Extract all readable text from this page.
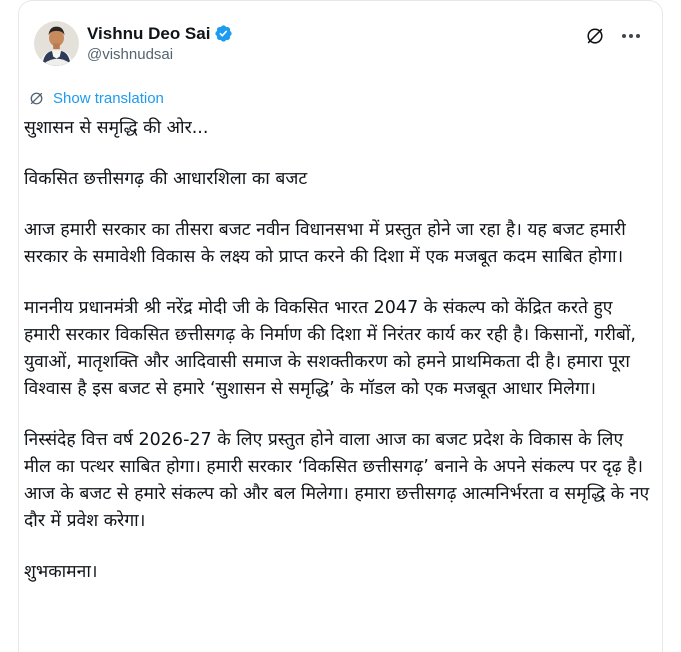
Vishnu Deo Sai
@vishnudsai
Show translation

सुशासन से समृद्धि की ओर...

विकसित छत्तीसगढ़ की आधारशिला का बजट

आज हमारी सरकार का तीसरा बजट नवीन विधानसभा में प्रस्तुत होने जा रहा है। यह बजट हमारी सरकार के समावेशी विकास के लक्ष्य को प्राप्त करने की दिशा में एक मजबूत कदम साबित होगा।

माननीय प्रधानमंत्री श्री नरेंद्र मोदी जी के विकसित भारत 2047 के संकल्प को केंद्रित करते हुए हमारी सरकार विकसित छत्तीसगढ़ के निर्माण की दिशा में निरंतर कार्य कर रही है। किसानों, गरीबों, युवाओं, मातृशक्ति और आदिवासी समाज के सशक्तीकरण को हमने प्राथमिकता दी है। हमारा पूरा विश्वास है इस बजट से हमारे ‘सुशासन से समृद्धि’ के मॉडल को एक मजबूत आधार मिलेगा।

निस्संदेह वित्त वर्ष 2026-27 के लिए प्रस्तुत होने वाला आज का बजट प्रदेश के विकास के लिए मील का पत्थर साबित होगा। हमारी सरकार ‘विकसित छत्तीसगढ़’ बनाने के अपने संकल्प पर दृढ़ है। आज के बजट से हमारे संकल्प को और बल मिलेगा। हमारा छत्तीसगढ़ आत्मनिर्भरता व समृद्धि के नए दौर में प्रवेश करेगा।

शुभकामना।
